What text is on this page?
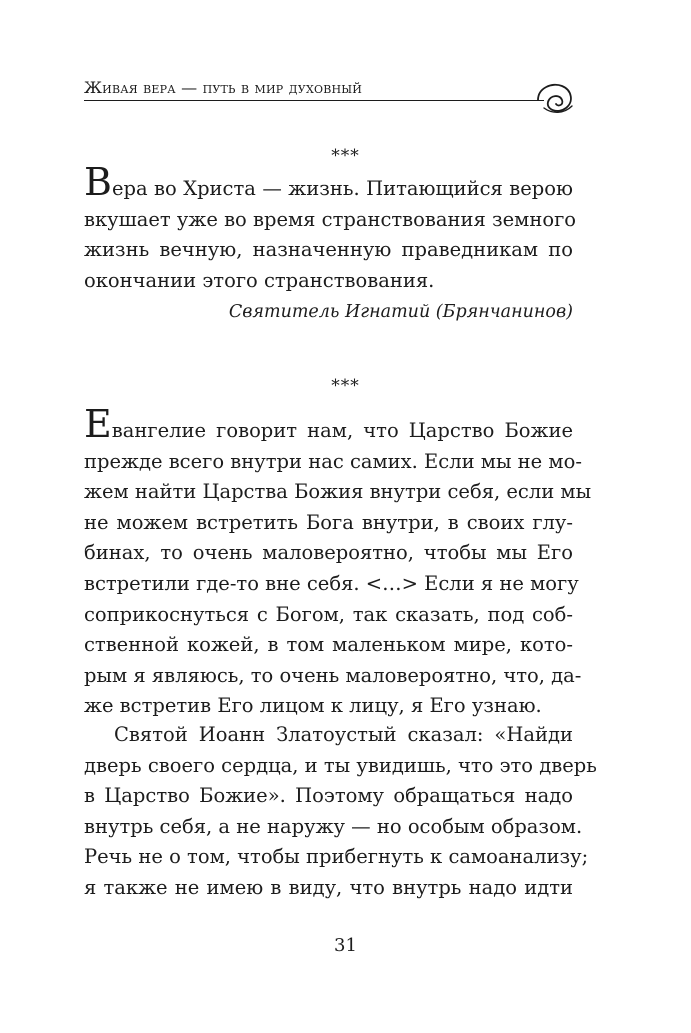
Живая вера — путь в мир духовный
***
Вера во Христа — жизнь. Питающийся верою
вкушает уже во время странствования земного
жизнь вечную, назначенную праведникам по
окончании этого странствования.
Святитель Игнатий (Брянчанинов)
***
Евангелие говорит нам, что Царство Божие
прежде всего внутри нас самих. Если мы не мо-
жем найти Царства Божия внутри себя, если мы
не можем встретить Бога внутри, в своих глу-
бинах, то очень маловероятно, чтобы мы Его
встретили где-то вне себя. <…> Если я не могу
соприкоснуться с Богом, так сказать, под соб-
ственной кожей, в том маленьком мире, кото-
рым я являюсь, то очень маловероятно, что, да-
же встретив Его лицом к лицу, я Его узнаю.
Святой Иоанн Златоустый сказал: «Найди
дверь своего сердца, и ты увидишь, что это дверь
в Царство Божие». Поэтому обращаться надо
внутрь себя, а не наружу — но особым образом.
Речь не о том, чтобы прибегнуть к самоанализу;
я также не имею в виду, что внутрь надо идти
31
